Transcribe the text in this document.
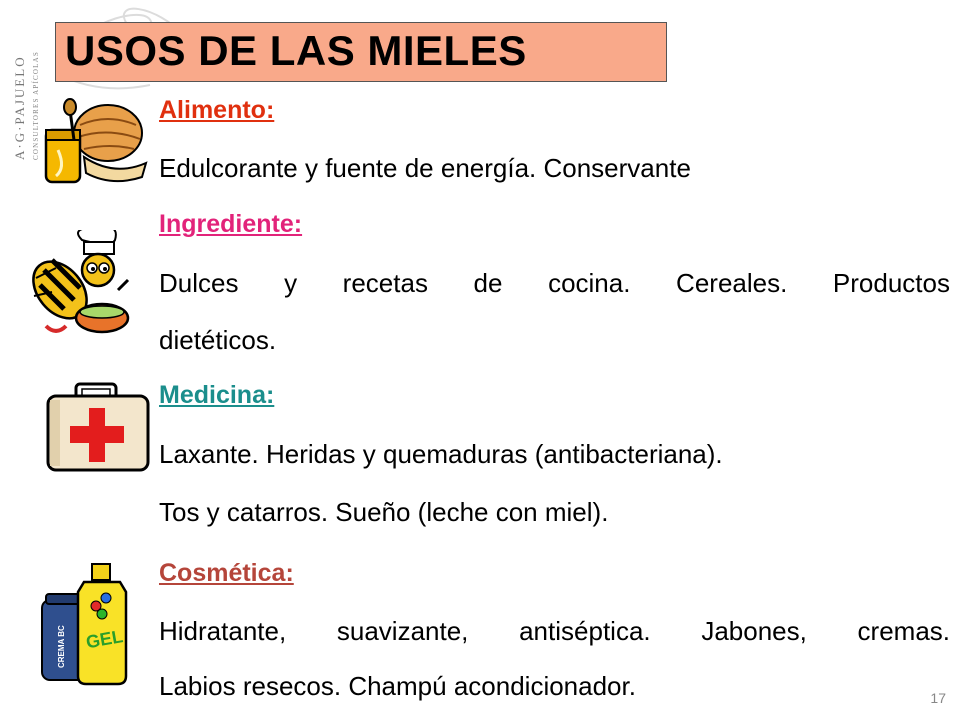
A·G·PAJUELO CONSULTORES APÍCOLAS
USOS DE LAS MIELES
Alimento:
Edulcorante y fuente de energía. Conservante
Ingrediente:
Dulces y recetas de cocina. Cereales. Productos
dietéticos.
Medicina:
Laxante. Heridas y quemaduras (antibacteriana).
Tos y catarros. Sueño (leche con miel).
CREMA BC GEL
Cosmética:
Hidratante, suavizante, antiséptica. Jabones, cremas.
Labios resecos. Champú acondicionador.	17
